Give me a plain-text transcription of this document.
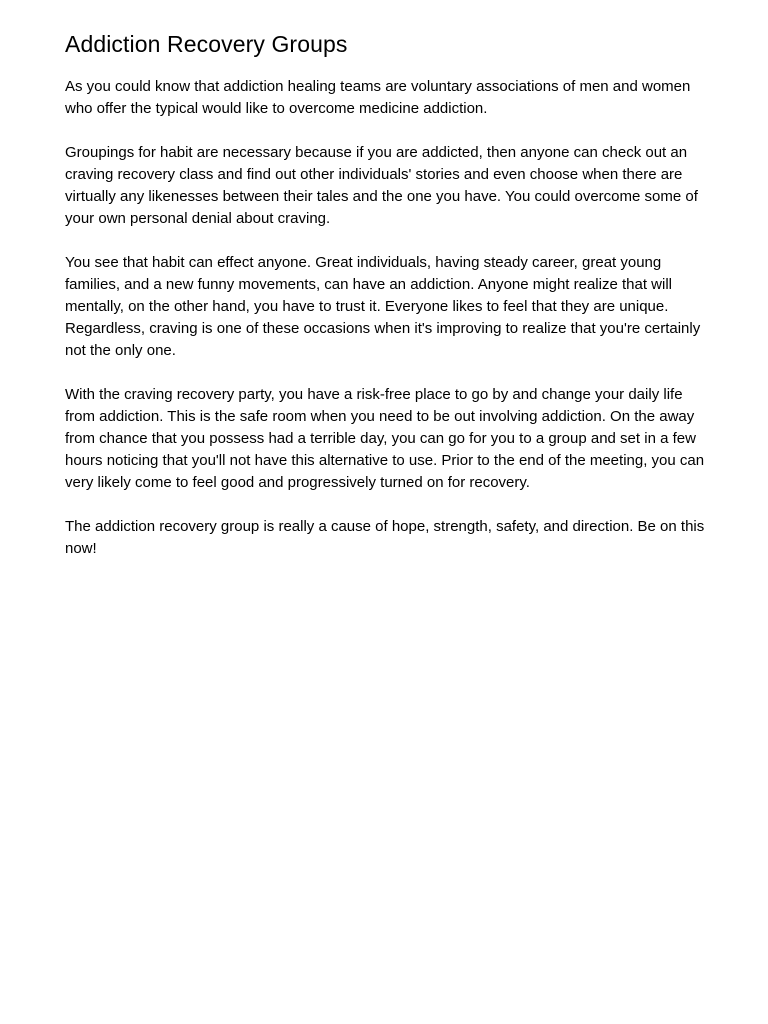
Addiction Recovery Groups

As you could know that addiction healing teams are voluntary associations of men and women who offer the typical would like to overcome medicine addiction.

Groupings for habit are necessary because if you are addicted, then anyone can check out an craving recovery class and find out other individuals' stories and even choose when there are virtually any likenesses between their tales and the one you have. You could overcome some of your own personal denial about craving.

You see that habit can effect anyone. Great individuals, having steady career, great young families, and a new funny movements, can have an addiction. Anyone might realize that will mentally, on the other hand, you have to trust it. Everyone likes to feel that they are unique. Regardless, craving is one of these occasions when it's improving to realize that you're certainly not the only one.

With the craving recovery party, you have a risk-free place to go by and change your daily life from addiction. This is the safe room when you need to be out involving addiction. On the away from chance that you possess had a terrible day, you can go for you to a group and set in a few hours noticing that you'll not have this alternative to use. Prior to the end of the meeting, you can very likely come to feel good and progressively turned on for recovery.

The addiction recovery group is really a cause of hope, strength, safety, and direction. Be on this now!
